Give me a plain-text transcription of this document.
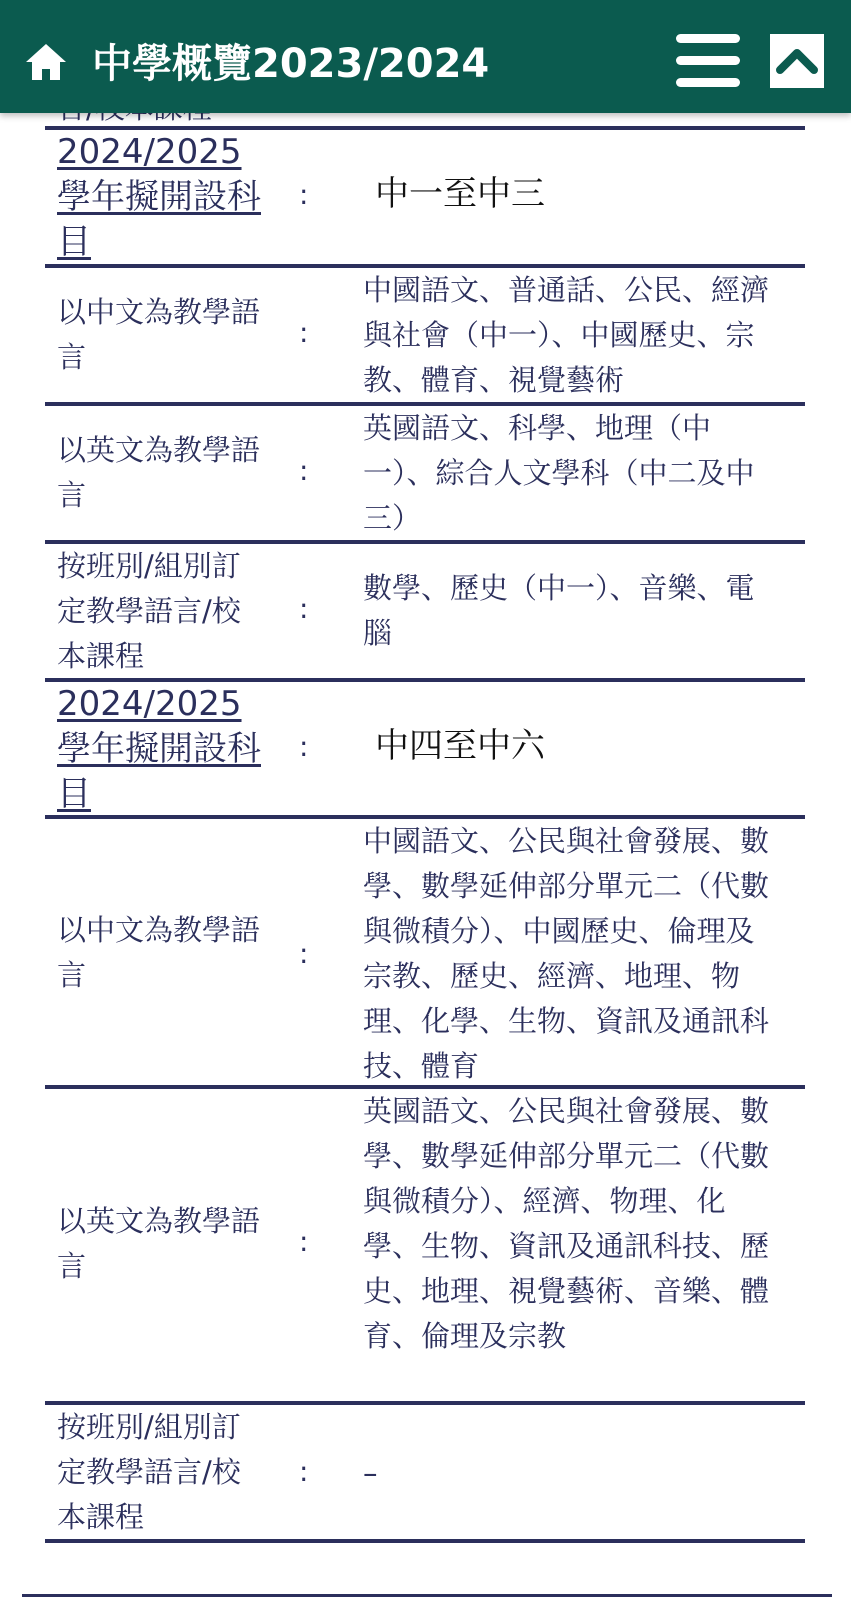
2024/2025學年擬開設科目
: 中一至中三
以中文為教學語言
:
中國語文、普通話、公民、經濟與社會（中一）、中國歷史、宗教、體育、視覺藝術
以英文為教學語言
:
英國語文、科學、地理（中一）、綜合人文學科（中二及中三）
按班別/組別訂定教學語言/校本課程
:
數學、歷史（中一）、音樂、電腦
2024/2025學年擬開設科目
: 中四至中六
以中文為教學語言
:
中國語文、公民與社會發展、數學、數學延伸部分單元二（代數與微積分）、中國歷史、倫理及宗教、歷史、經濟、地理、物理、化學、生物、資訊及通訊科技、體育
以英文為教學語言
:
英國語文、公民與社會發展、數學、數學延伸部分單元二（代數與微積分）、經濟、物理、化學、生物、資訊及通訊科技、歷史、地理、視覺藝術、音樂、體育、倫理及宗教
按班別/組別訂定教學語言/校本課程
: –
中學概覽2023/2024
